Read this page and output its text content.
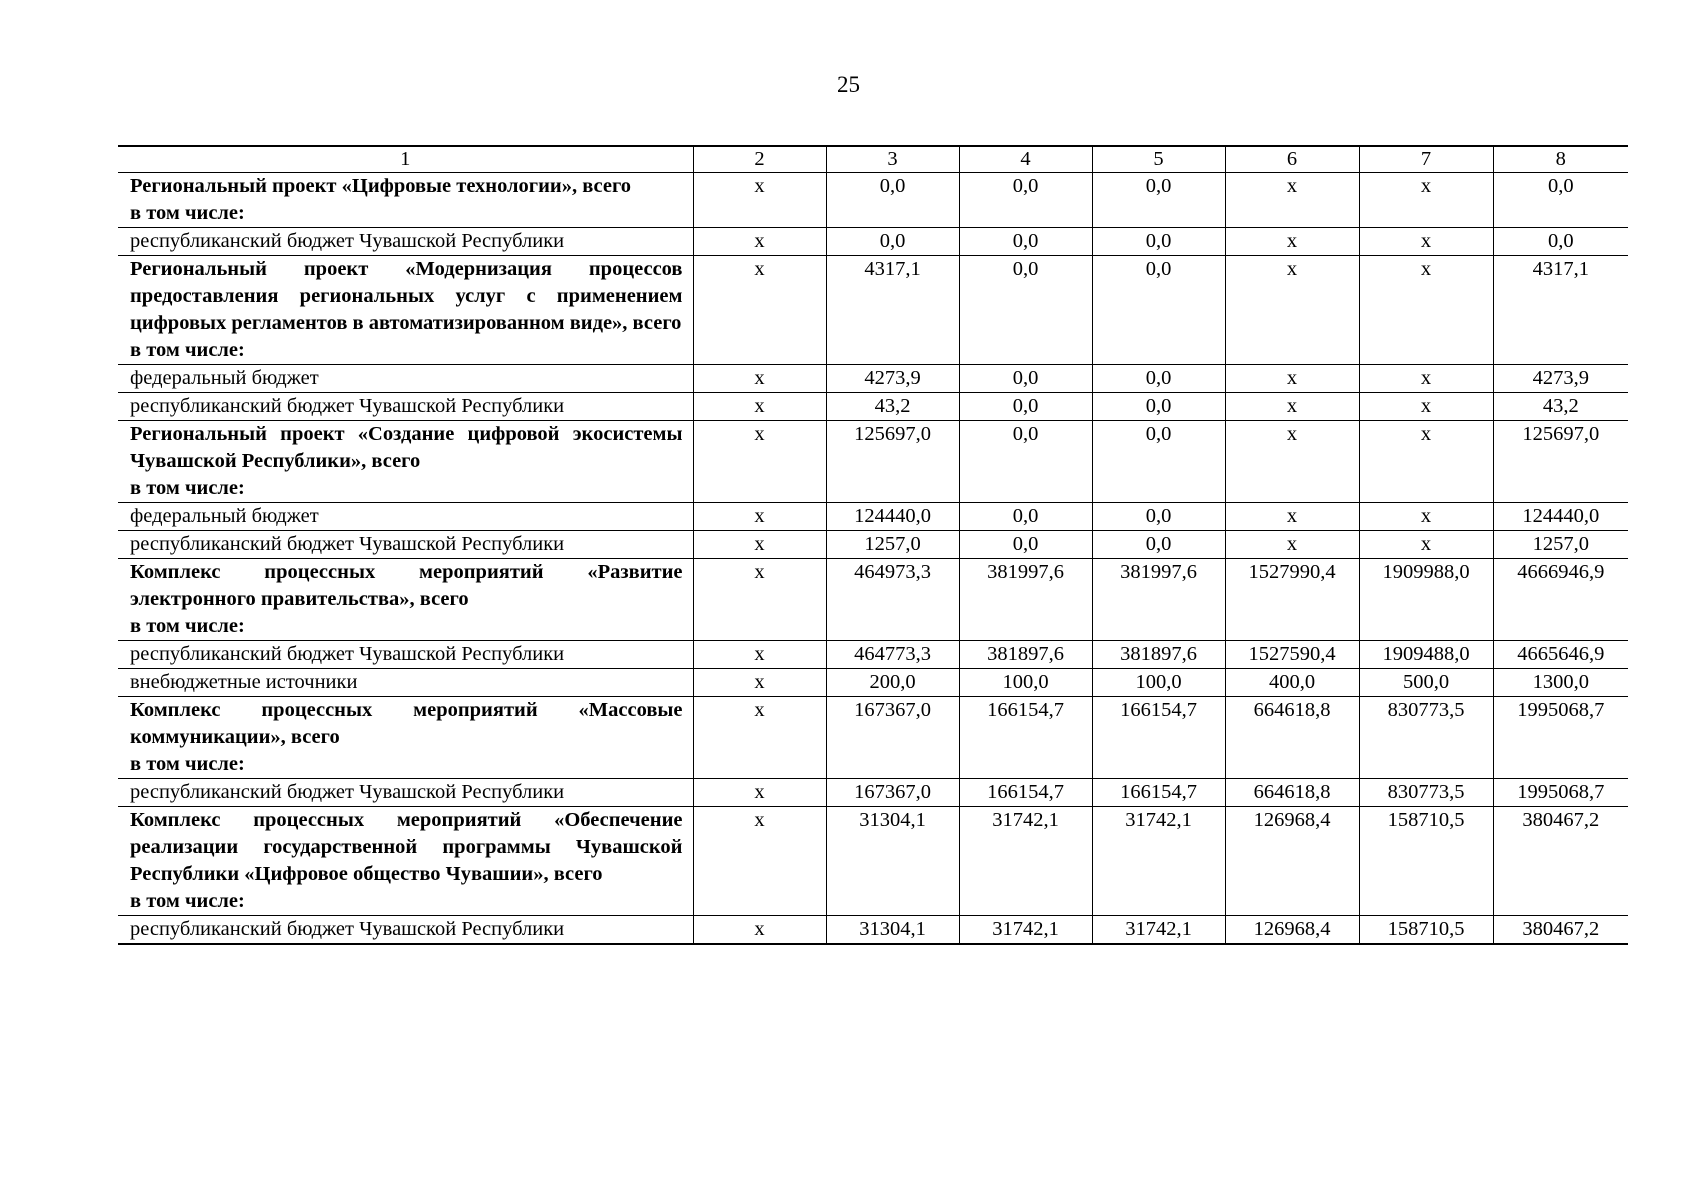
25
1	2	3	4	5	6	7	8

Региональный проект «Цифровые технологии», всего
в том числе:	x	0,0	0,0	0,0	x	x	0,0

республиканский бюджет Чувашской Республики	x	0,0	0,0	0,0	x	x	0,0

Региональный проект «Модернизация процессов предоставления региональных услуг с применением цифровых регламентов в автоматизированном виде», всего
в том числе:	x	4317,1	0,0	0,0	x	x	4317,1

федеральный бюджет	x	4273,9	0,0	0,0	x	x	4273,9

республиканский бюджет Чувашской Республики	x	43,2	0,0	0,0	x	x	43,2

Региональный проект «Создание цифровой экосистемы Чувашской Республики», всего
в том числе:	x	125697,0	0,0	0,0	x	x	125697,0

федеральный бюджет	x	124440,0	0,0	0,0	x	x	124440,0

республиканский бюджет Чувашской Республики	x	1257,0	0,0	0,0	x	x	1257,0

Комплекс процессных мероприятий «Развитие электронного правительства», всего
в том числе:	x	464973,3	381997,6	381997,6	1527990,4	1909988,0	4666946,9

республиканский бюджет Чувашской Республики	x	464773,3	381897,6	381897,6	1527590,4	1909488,0	4665646,9

внебюджетные источники	x	200,0	100,0	100,0	400,0	500,0	1300,0

Комплекс процессных мероприятий «Массовые коммуникации», всего
в том числе:	x	167367,0	166154,7	166154,7	664618,8	830773,5	1995068,7

республиканский бюджет Чувашской Республики	x	167367,0	166154,7	166154,7	664618,8	830773,5	1995068,7

Комплекс процессных мероприятий «Обеспечение реализации государственной программы Чувашской Республики «Цифровое общество Чувашии», всего
в том числе:	x	31304,1	31742,1	31742,1	126968,4	158710,5	380467,2

республиканский бюджет Чувашской Республики	x	31304,1	31742,1	31742,1	126968,4	158710,5	380467,2
